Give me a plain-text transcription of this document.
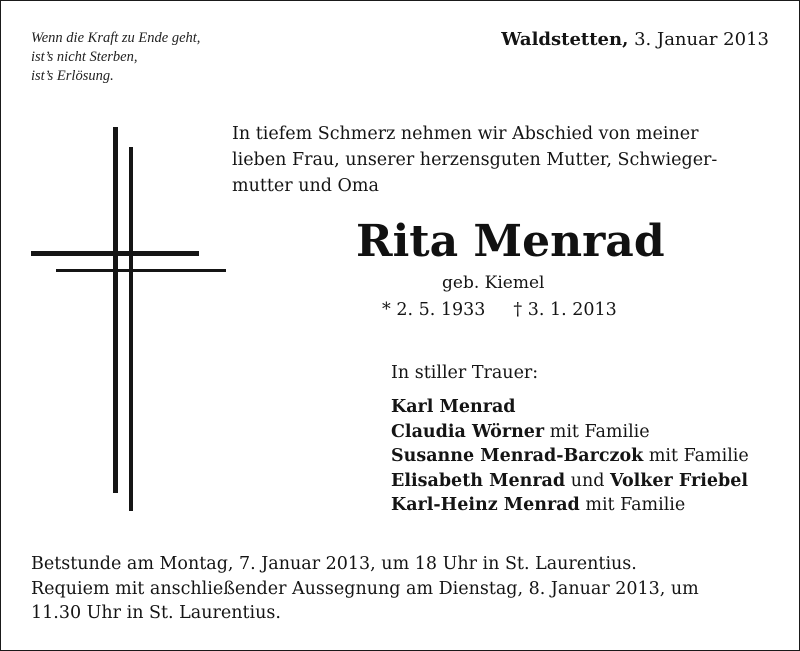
Wenn die Kraft zu Ende geht,
ist’s nicht Sterben,
ist’s Erlösung.
Waldstetten, 3. Januar 2013
In tiefem Schmerz nehmen wir Abschied von meiner
lieben Frau, unserer herzensguten Mutter, Schwieger-
mutter und Oma
Rita Menrad
geb. Kiemel
* 2. 5. 1933 † 3. 1. 2013
In stiller Trauer:
Karl Menrad
Claudia Wörner mit Familie
Susanne Menrad-Barczok mit Familie
Elisabeth Menrad und Volker Friebel
Karl-Heinz Menrad mit Familie
Betstunde am Montag, 7. Januar 2013, um 18 Uhr in St. Laurentius.
Requiem mit anschließender Aussegnung am Dienstag, 8. Januar 2013, um
11.30 Uhr in St. Laurentius.
